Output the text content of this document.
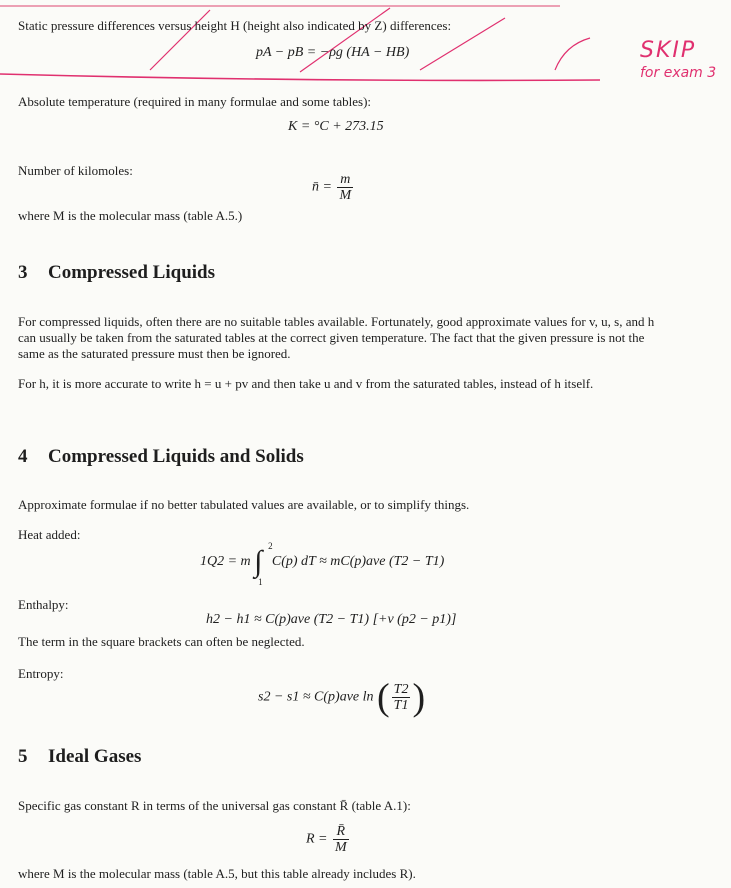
SKIP
for exam 3
Static pressure differences versus height H (height also indicated by Z) differences:
pA − pB = −ρg (HA − HB)
Absolute temperature (required in many formulae and some tables):
K = °C + 273.15
Number of kilomoles:
n̄ = $\frac{m}{M}$
where M is the molecular mass (table A.5.)
3 Compressed Liquids
For compressed liquids, often there are no suitable tables available. Fortunately, good approximate values for v, u, s, and h can usually be taken from the saturated tables at the correct given temperature. The fact that the given pressure is not the same as the saturated pressure must then be ignored.
For h, it is more accurate to write h = u + pv and then take u and v from the saturated tables, instead of h itself.
4 Compressed Liquids and Solids
Approximate formulae if no better tabulated values are available, or to simplify things.
Heat added:
1Q2 = m ∫ 2
1
C(p) dT ≈ mC(p)ave (T2 − T1)
Enthalpy:
h2 − h1 ≈ C(p)ave (T2 − T1) [+v (p2 − p1)]
The term in the square brackets can often be neglected.
Entropy:
s2 − s1 ≈ C(p)ave ln ( $\frac{T2}{T1}$ )
5 Ideal Gases
Specific gas constant R in terms of the universal gas constant R̄ (table A.1):
$R = \frac{R̄}{M}$
where M is the molecular mass (table A.5, but this table already includes R).
